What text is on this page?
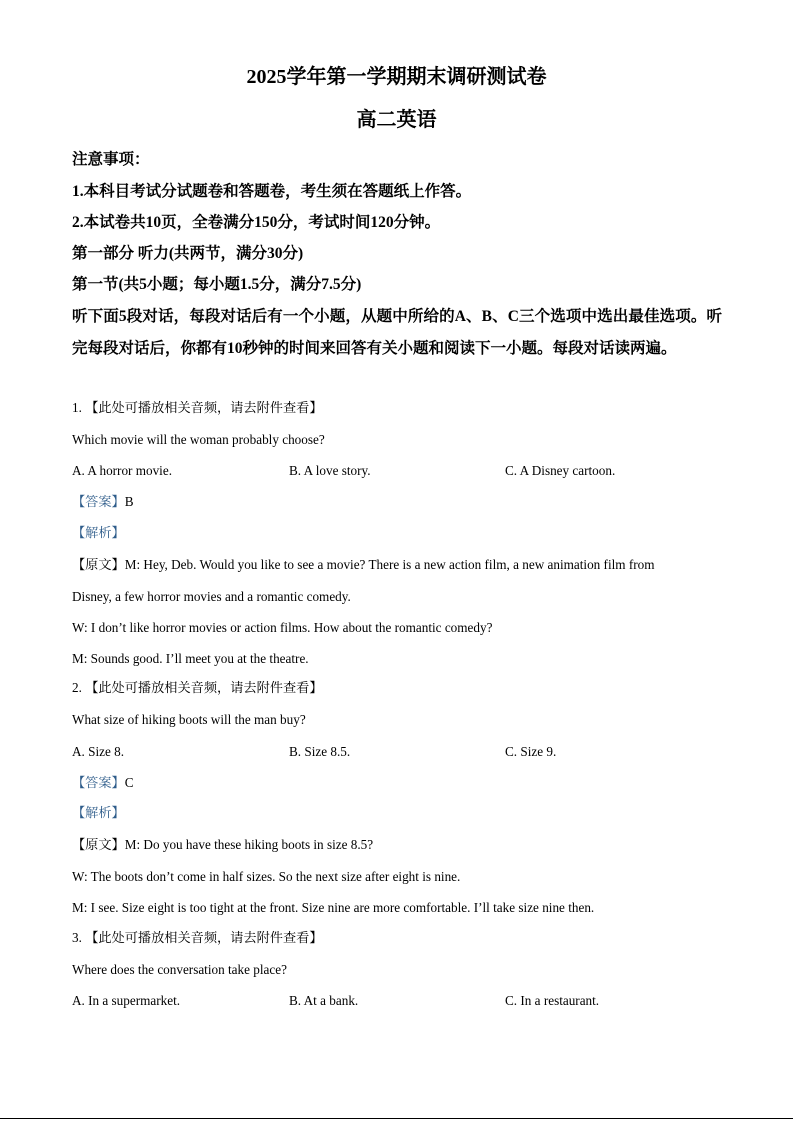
2025学年第一学期期末调研测试卷
高二英语
注意事项：
1.本科目考试分试题卷和答题卷，考生须在答题纸上作答。
2.本试卷共10页，全卷满分150分，考试时间120分钟。
第一部分 听力(共两节，满分30分)
第一节(共5小题；每小题1.5分，满分7.5分)
听下面5段对话，每段对话后有一个小题，从题中所给的A、B、C三个选项中选出最佳选项。听完每段对话后，你都有10秒钟的时间来回答有关小题和阅读下一小题。每段对话读两遍。
1. 【此处可播放相关音频，请去附件查看】
Which movie will the woman probably choose?
A. A horror movie.	B. A love story.	C. A Disney cartoon.
【答案】B
【解析】
【原文】M: Hey, Deb. Would you like to see a movie? There is a new action film, a new animation film from
Disney, a few horror movies and a romantic comedy.
W: I don’t like horror movies or action films. How about the romantic comedy?
M: Sounds good. I’ll meet you at the theatre.
2. 【此处可播放相关音频，请去附件查看】
What size of hiking boots will the man buy?
A. Size 8.	B. Size 8.5.	C. Size 9.
【答案】C
【解析】
【原文】M: Do you have these hiking boots in size 8.5?
W: The boots don’t come in half sizes. So the next size after eight is nine.
M: I see. Size eight is too tight at the front. Size nine are more comfortable. I’ll take size nine then.
3. 【此处可播放相关音频，请去附件查看】
Where does the conversation take place?
A. In a supermarket.	B. At a bank.	C. In a restaurant.
